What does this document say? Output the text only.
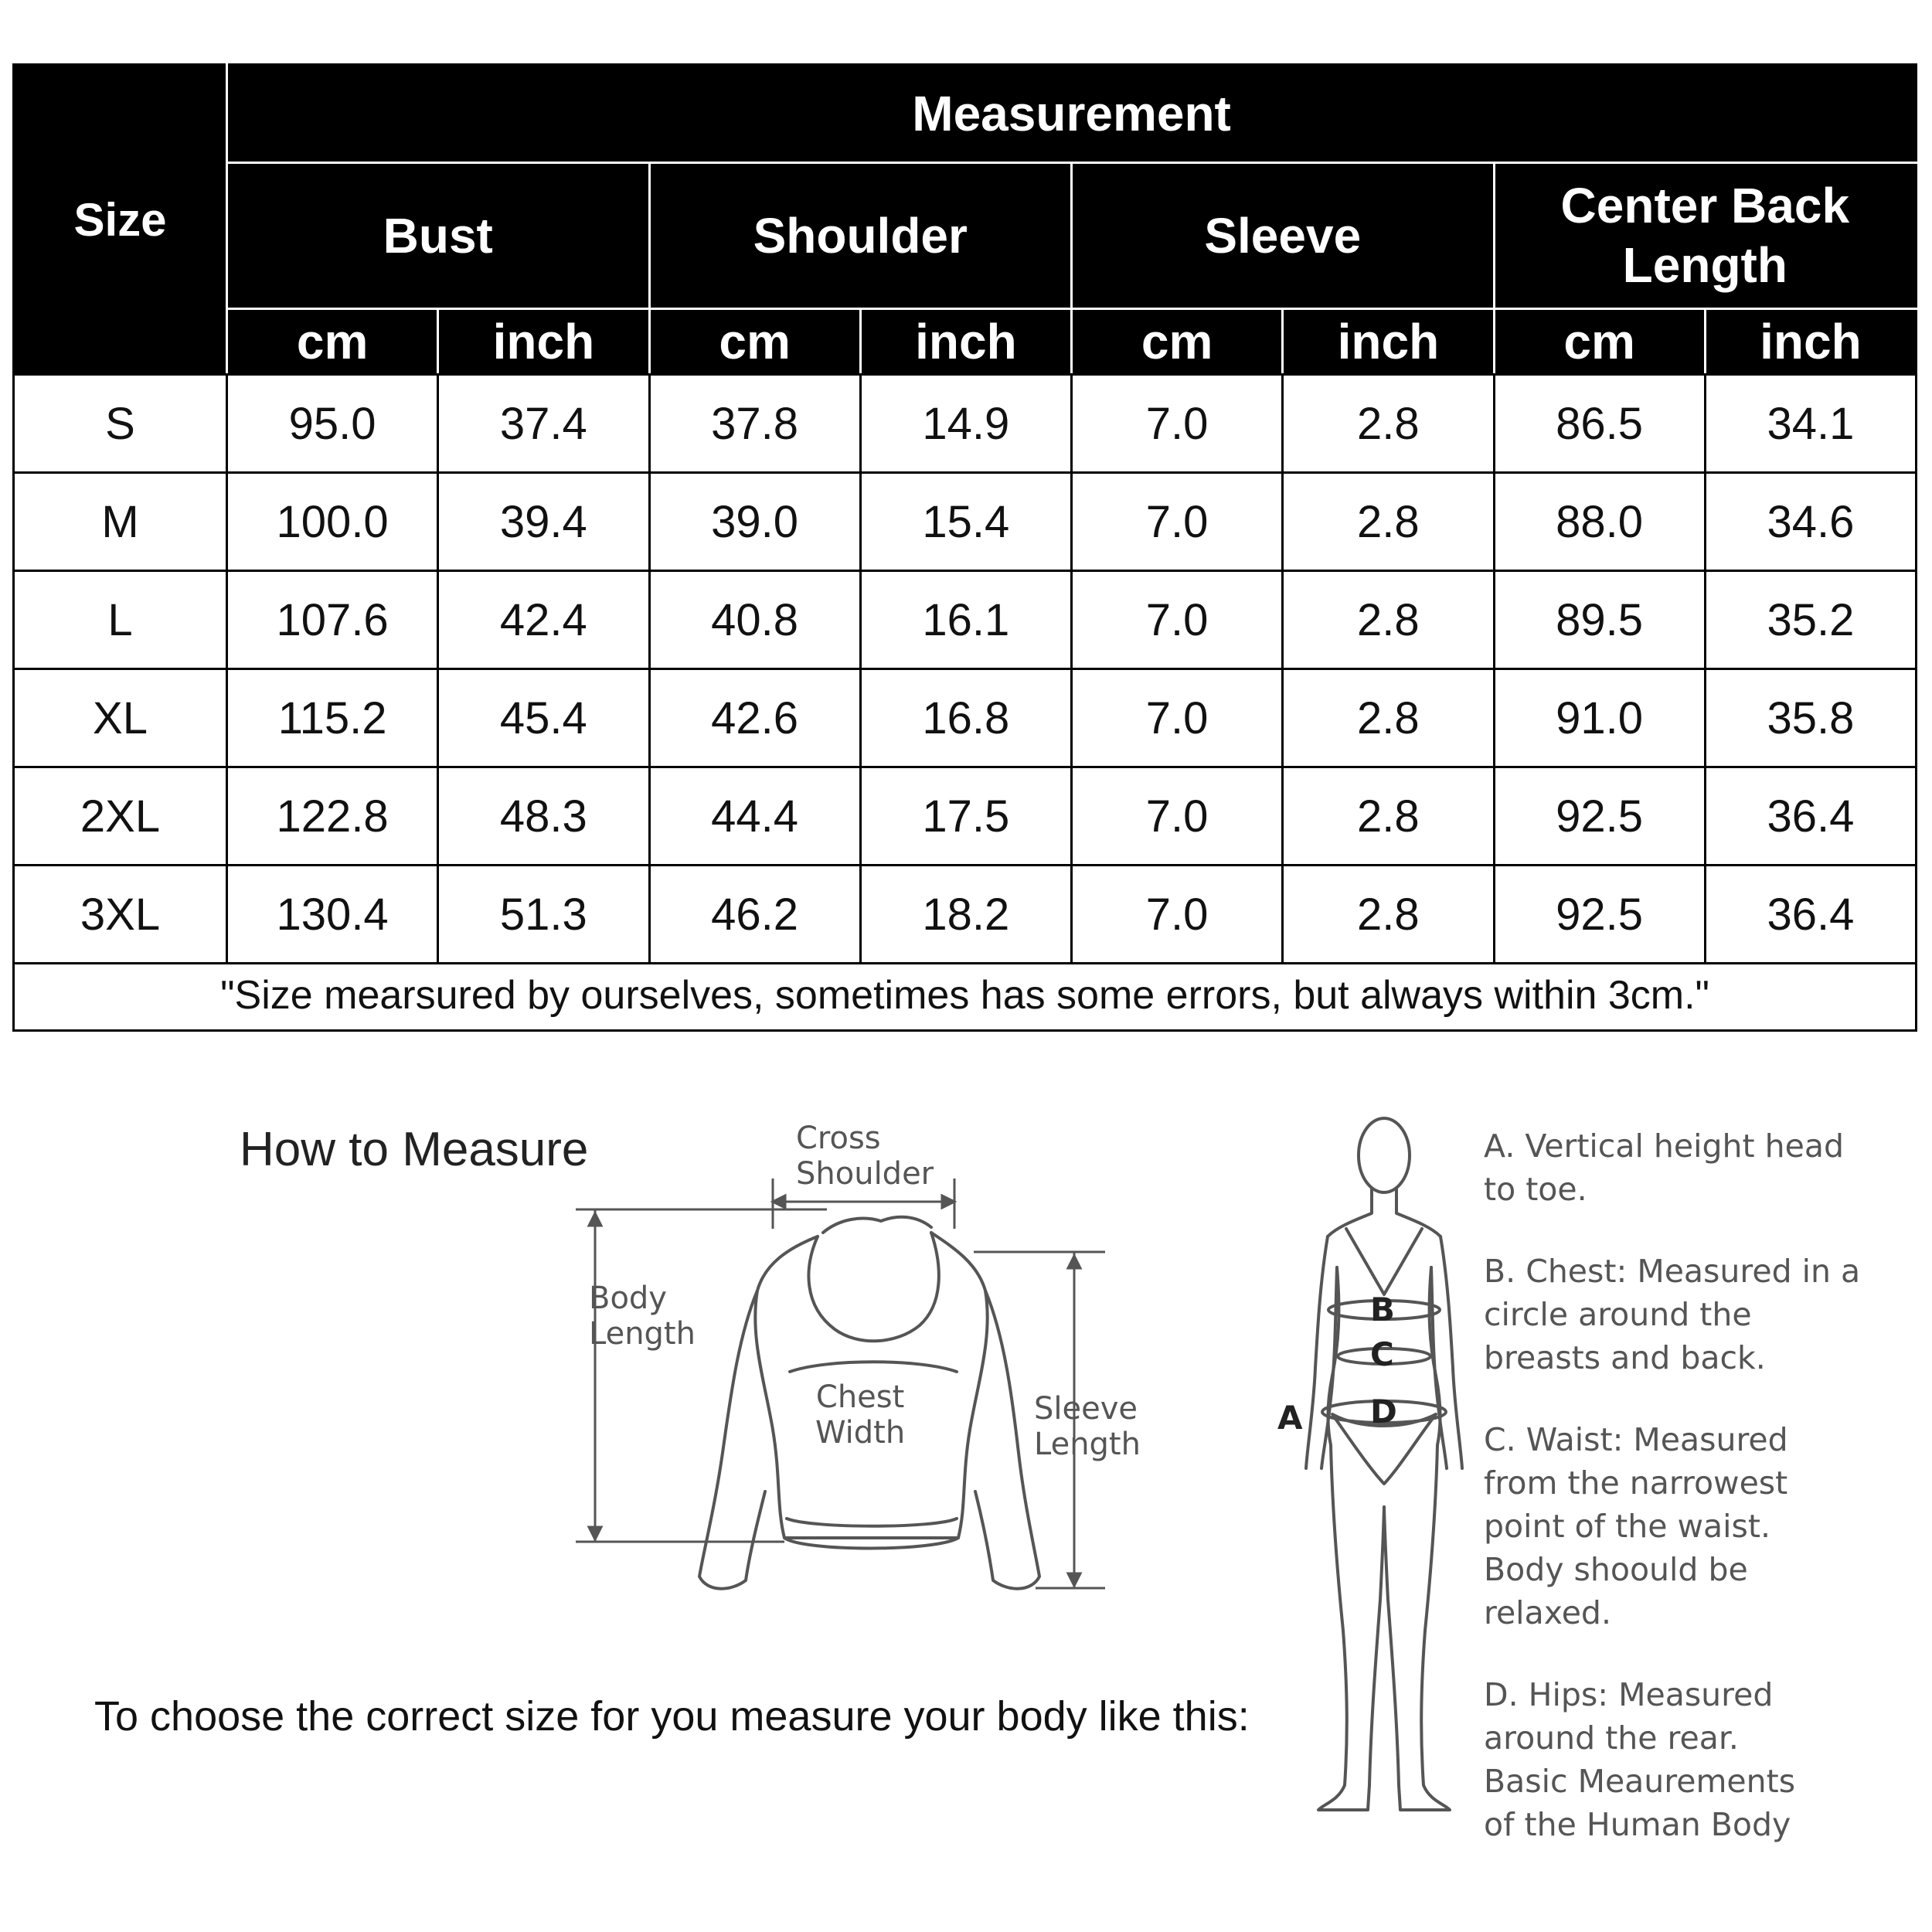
Size	Measurement							
	Bust		Shoulder		Sleeve		Center Back Length	
	cm	inch	cm	inch	cm	inch	cm	inch
S	95.0	37.4	37.8	14.9	7.0	2.8	86.5	34.1
M	100.0	39.4	39.0	15.4	7.0	2.8	88.0	34.6
L	107.6	42.4	40.8	16.1	7.0	2.8	89.5	35.2
XL	115.2	45.4	42.6	16.8	7.0	2.8	91.0	35.8
2XL	122.8	48.3	44.4	17.5	7.0	2.8	92.5	36.4
3XL	130.4	51.3	46.2	18.2	7.0	2.8	92.5	36.4
"Size mearsured by ourselves, sometimes has some errors, but always within 3cm."								
How to Measure
To choose the correct size for you measure your body like this:
Cross
Shoulder
Body
Length
Chest
Width
Sleeve
Length
B
C
D
A
A. Vertical height head
to toe.
B. Chest: Measured in a
circle around the
breasts and back.
C. Waist: Measured
from the narrowest
point of the waist.
Body shoould be
relaxed.
D. Hips: Measured
around the rear.
Basic Meaurements
of the Human Body
